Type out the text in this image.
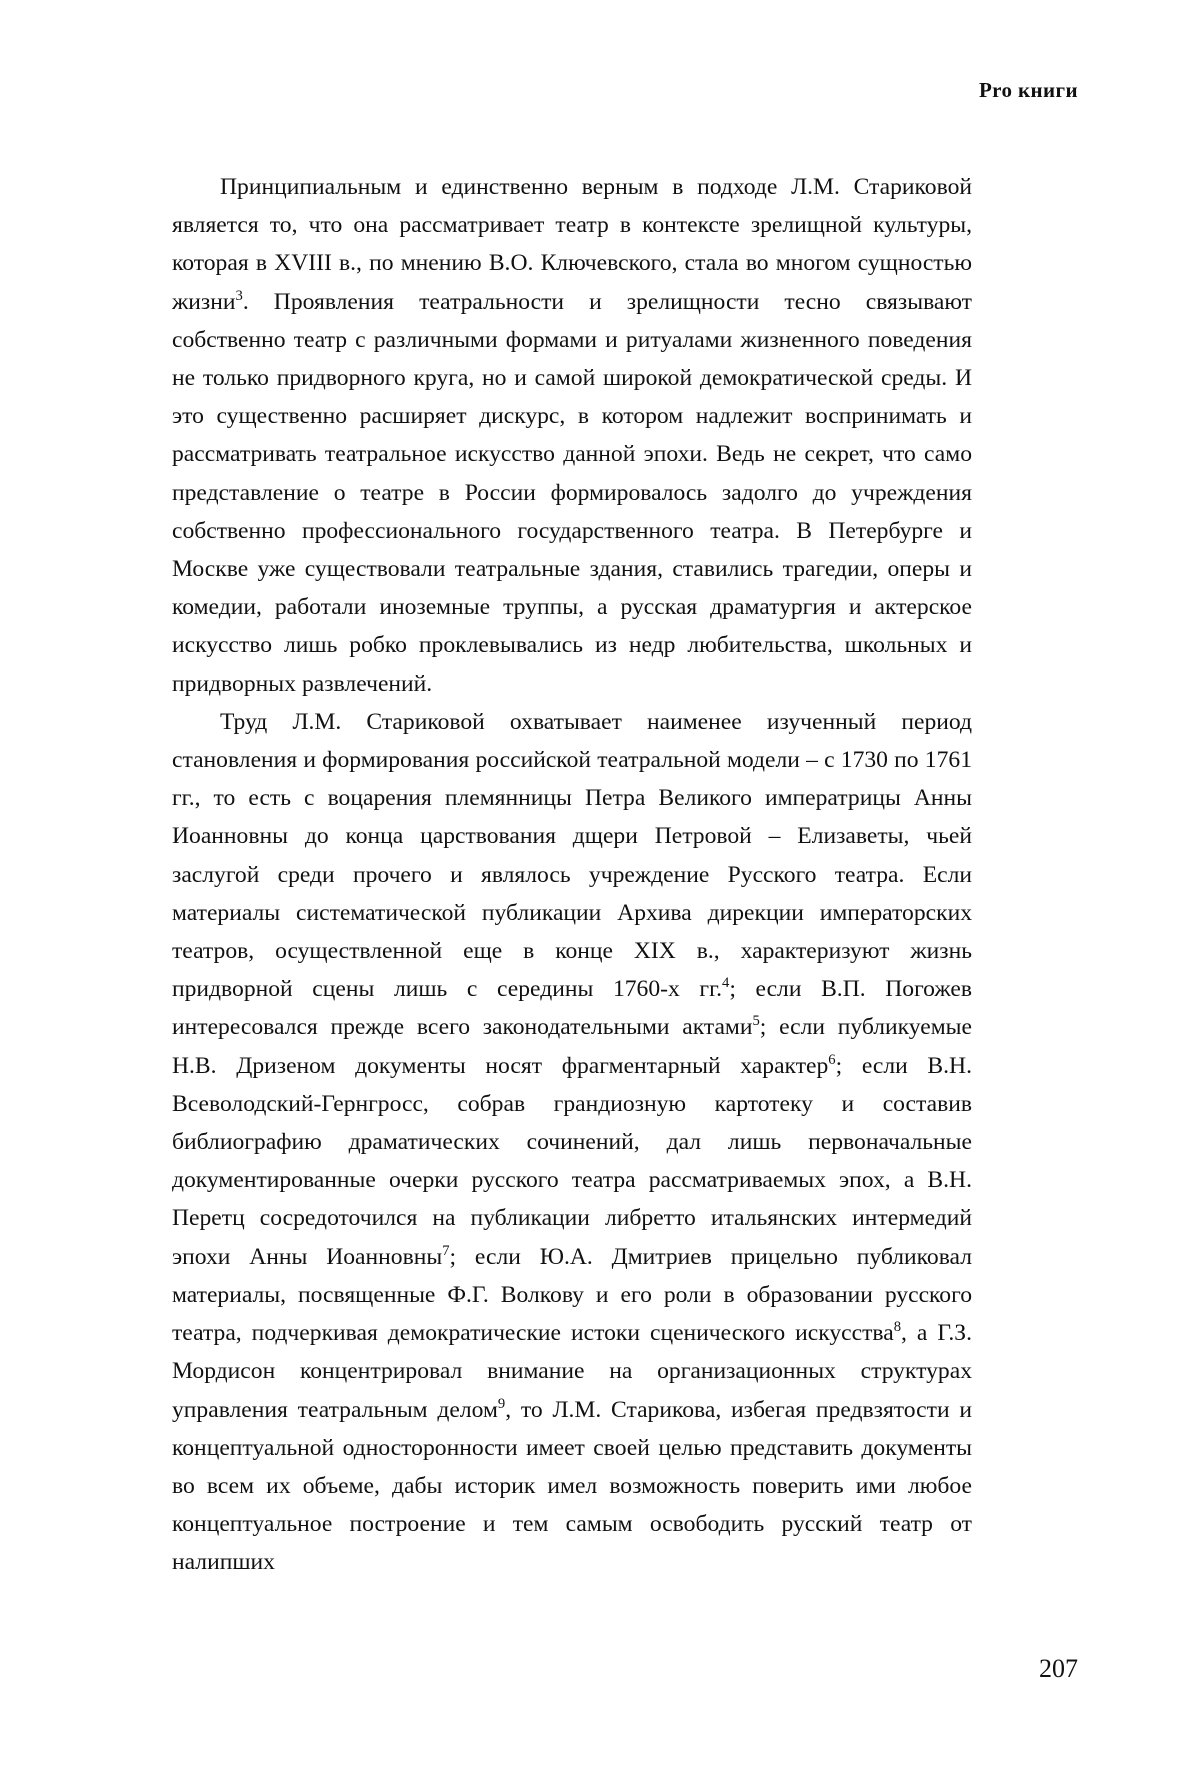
Pro книги

Принципиальным и единственно верным в подходе Л.М. Стариковой является то, что она рассматривает театр в контексте зрелищной культуры, которая в XVIII в., по мнению В.О. Ключевского, стала во многом сущностью жизни$^3$. Проявления театральности и зрелищности тесно связывают собственно театр с различными формами и ритуалами жизненного поведения не только придворного круга, но и самой широкой демократической среды. И это существенно расширяет дискурс, в котором надлежит воспринимать и рассматривать театральное искусство данной эпохи. Ведь не секрет, что само представление о театре в России формировалось задолго до учреждения собственно профессионального государственного театра. В Петербурге и Москве уже существовали театральные здания, ставились трагедии, оперы и комедии, работали иноземные труппы, а русская драматургия и актерское искусство лишь робко проклевывались из недр любительства, школьных и придворных развлечений.

Труд Л.М. Стариковой охватывает наименее изученный период становления и формирования российской театральной модели – с 1730 по 1761 гг., то есть с воцарения племянницы Петра Великого императрицы Анны Иоанновны до конца царствования дщери Петровой – Елизаветы, чьей заслугой среди прочего и являлось учреждение Русского театра. Если материалы систематической публикации Архива дирекции императорских театров, осуществленной еще в конце XIX в., характеризуют жизнь придворной сцены лишь с середины 1760-х гг.$^4$; если В.П. Погожев интересовался прежде всего законодательными актами$^5$; если публикуемые Н.В. Дризеном документы носят фрагментарный характер$^6$; если В.Н. Всеволодский-Гернгросс, собрав грандиозную картотеку и составив библиографию драматических сочинений, дал лишь первоначальные документированные очерки русского театра рассматриваемых эпох, а В.Н. Перетц сосредоточился на публикации либретто итальянских интермедий эпохи Анны Иоанновны$^7$; если Ю.А. Дмитриев прицельно публиковал материалы, посвященные Ф.Г. Волкову и его роли в образовании русского театра, подчеркивая демократические истоки сценического искусства$^8$, а Г.З. Мордисон концентрировал внимание на организационных структурах управления театральным делом$^9$, то Л.М. Старикова, избегая предвзятости и концептуальной односторонности имеет своей целью представить документы во всем их объеме, дабы историк имел возможность поверить ими любое концептуальное построение и тем самым освободить русский театр от налипших

207
